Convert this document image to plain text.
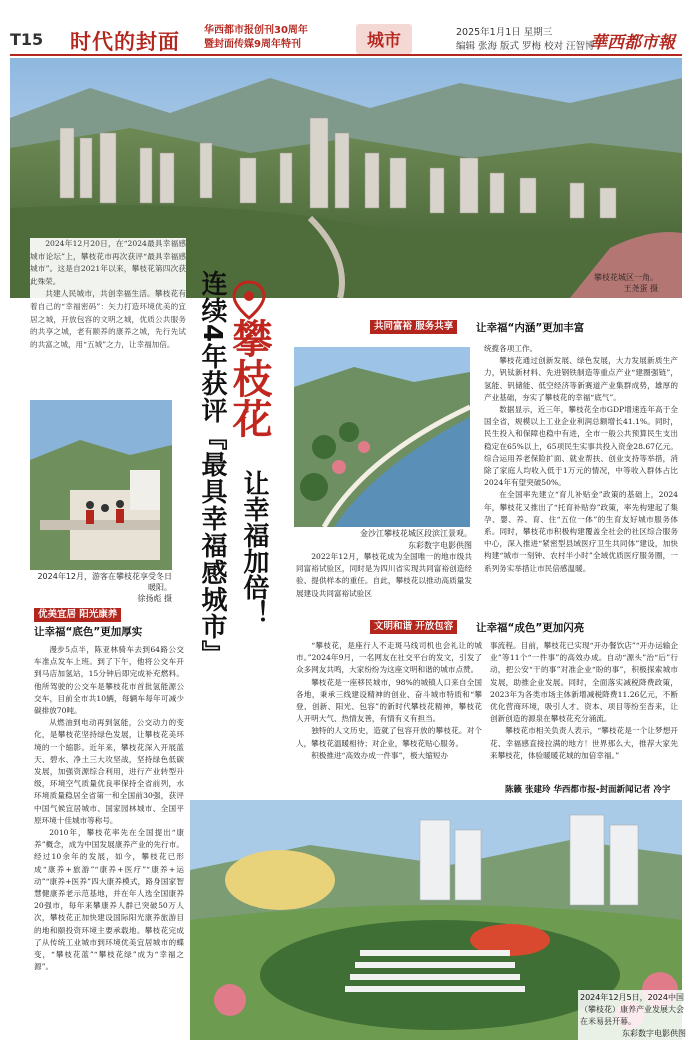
T15 时代的封面 华西都市报创刊30周年
暨封面传媒9周年特刊	城市	2025年1月1日 星期三
编辑 张海 版式 罗梅 校对 汪智博
華西都市報
攀枝花城区一角。
王尧蛋 摄

2024年12月20日，在“2024最具幸福感城市论坛”上，攀枝花市再次获评“最具幸福感城市”。这是自2021年以来，攀枝花第四次获此殊荣。

共建人民城市，共创幸福生活。攀枝花有着自己的“幸福密码”：矢力打造环境优美的宜居之城，开放包容的文明之城，优质公共服务的共享之城，老有颐养的康养之城，先行先试的共富之城，用“五城”之力，让幸福加倍。

2024年12月，游客在攀枝花享受冬日暖阳。
徐扬彪 摄 连续4年获评『最具幸福感城市』 攀枝花
让幸福加倍！
优美宜居 阳光康养
让幸福“底色”更加厚实

漫步5点半，陈亚林骑车去到64路公交车准点发车上班。到了下午，他将公交车开到马店加氢站，15分钟后即完成补充燃料。他所驾驶的公交车是攀枝花市首批氢能源公交车，目前全市共10辆，每辆车每年可减少碳排放70吨。

从燃油到电动再到氢能，公交动力的变化，是攀枝花坚持绿色发展，让攀枝花美环境的一个缩影。近年来，攀枝花深入开展蓝天、碧水、净土三大攻坚战，坚持绿色低碳发展，加强资源综合利用，进行产业转型升级，环境空气质量优良率保持全省前列，水环境质量稳居全省第一和全国前30强，获评中国气候宜居城市、国家园林城市、全国平原环境十佳城市等称号。

2010年，攀枝花率先在全国提出“康养”概念，成为中国发展康养产业的先行市。经过10余年的发展，如今，攀枝花已形成“康养+旅游”“康养+医疗”“康养+运动”“康养+医养”四大康养模式，路身国家智慧健康养老示范基地，并在年人选全国康养20强市，每年来攀康养人群已突破50万人次，攀枝花正加快建设国际阳光康养旅游目的地和颐投资环境主要承载地。攀枝花完成了从传统工业城市到环境优美宜居城市的蝶变，“攀枝花蓝”“攀枝花绿”成为“幸福之源”。

共同富裕 服务共享	让幸福“内涵”更加丰富
金沙江攀枝花城区段滨江景观。
东彩数字电影供图

2022年12月，攀枝花成为全国唯一的地市级共同富裕试验区，同时是为四川省实现共同富裕创造经验、提供样本的重任。自此，攀枝花以推动高质量发展建设共同富裕试验区

统揽各项工作。

攀枝花通过创新发展、绿色发展，大力发展新质生产力，钒钛新材料、先进钢铁制造等重点产业“建圈强链”，氢能、钒储能、低空经济等新赛道产业集群成势，雄厚的产业基础，夯实了攀枝花的幸福“底气”。

数据显示，近三年，攀枝花全市GDP增速连年高于全国全省，规模以上工业企业利润总额增长41.1%。同时，民生投入和保障也稳中有进，全市一般公共预算民生支出稳定在65%以上，65项民生实事共投入资金28.67亿元。综合运用养老保险扩面、就业帮扶、创业支持等举措，消除了家庭人均收入低于1万元的情况，中等收入群体占比2024年有望突破50%。

在全国率先建立“育儿补贴金”政策的基础上，2024年，攀枝花又推出了“托育补贴券”政策，率先构建起了集孕、婴、养、育、住“五位一体”的生育友好城市服务体系。同时，攀枝花市积极构建覆盖全社会的社区综合服务中心，深入推进“紧密型县域医疗卫生共同体”建设，加快构建“城市一刻钟、农村半小时”全域优质医疗服务圈，一系列务实举措让市民倍感温暖。

文明和谐 开放包容	让幸福“成色”更加闪亮

“攀枝花，是座行人不走斑马线司机也会礼让的城市。”2024年9月，一名网友在社交平台的发文，引发了众多网友共鸣，大家纷纷为这座文明和谐的城市点赞。

攀枝花是一座移民城市，98%的城镇人口来自全国各地，秉承三线建设精神的创业、奋斗城市特质和“攀登、创新、阳光、包容”的新时代攀枝花精神，攀枝花人开明大气、热情友善，有情有义有担当。

独特的人文历史，造就了包容开放的攀枝花。对个人，攀枝花温暖相待；对企业，攀枝花贴心服务。

积极推进“高效办成一件事”，极大缩短办

事流程。目前，攀枝花已实现“开办餐饮店”“开办运输企业”等11个“一件事”的高效办成。自动“源头”治“后”行动，把公安“干的事”对准企业“盼的事”，积极探索城市发展，助推企业发展。同时，全面落实减税降费政策，2023年为各类市场主体新增减税降费11.26亿元，不断优化营商环境，吸引人才、资本、项目等纷至沓来，让创新创造的源泉在攀枝花充分涌流。

攀枝花市相关负责人表示，“攀枝花是一个让梦想开花、幸福感直接拉满的地方！世界那么大，推荐大家先来攀枝花，体验暖暖花城的加倍幸福。”

陈籁 张建玲 华西都市报-封面新闻记者 冷宇
2024年12月5日，2024中国（攀枝花）康养产业发展大会在米易县开幕。
东彩数字电影供图
